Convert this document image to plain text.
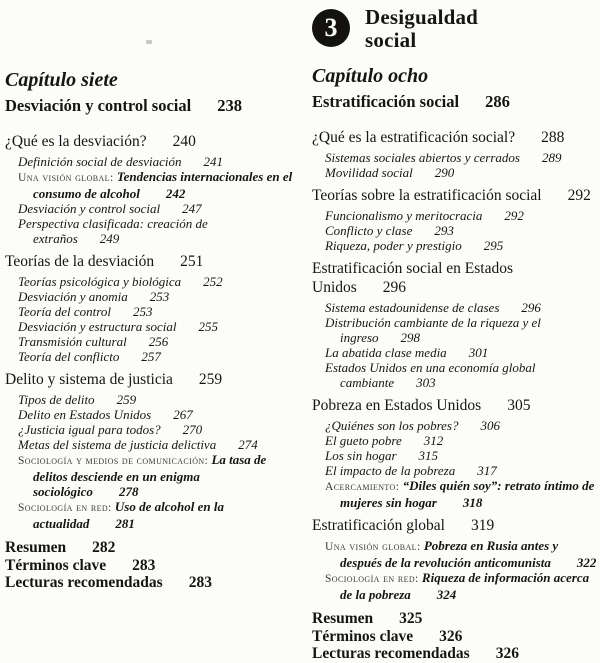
Capítulo siete
Desviación y control social 238
¿Qué es la desviación? 240
Definición social de desviación 241
Una visión global: Tendencias internacionales en el consumo de alcohol 242
Desviación y control social 247
Perspectiva clasificada: creación de extraños 249
Teorías de la desviación 251
Teorías psicológica y biológica 252
Desviación y anomia 253
Teoría del control 253
Desviación y estructura social 255
Transmisión cultural 256
Teoría del conflicto 257
Delito y sistema de justicia 259
Tipos de delito 259
Delito en Estados Unidos 267
¿Justicia igual para todos? 270
Metas del sistema de justicia delictiva 274
Sociología y medios de comunicación: La tasa de delitos desciende en un enigma sociológico 278
Sociología en red: Uso de alcohol en la actualidad 281
Resumen 282
Términos clave 283
Lecturas recomendadas 283
3 Desigualdad social
Capítulo ocho
Estratificación social 286
¿Qué es la estratificación social? 288
Sistemas sociales abiertos y cerrados 289
Movilidad social 290
Teorías sobre la estratificación social 292
Funcionalismo y meritocracia 292
Conflicto y clase 293
Riqueza, poder y prestigio 295
Estratificación social en Estados Unidos 296
Sistema estadounidense de clases 296
Distribución cambiante de la riqueza y el ingreso 298
La abatida clase media 301
Estados Unidos en una economía global cambiante 303
Pobreza en Estados Unidos 305
¿Quiénes son los pobres? 306
El gueto pobre 312
Los sin hogar 315
El impacto de la pobreza 317
Acercamiento: “Diles quién soy”: retrato íntimo de mujeres sin hogar 318
Estratificación global 319
Una visión global: Pobreza en Rusia antes y después de la revolución anticomunista 322
Sociología en red: Riqueza de información acerca de la pobreza 324
Resumen 325
Términos clave 326
Lecturas recomendadas 326
